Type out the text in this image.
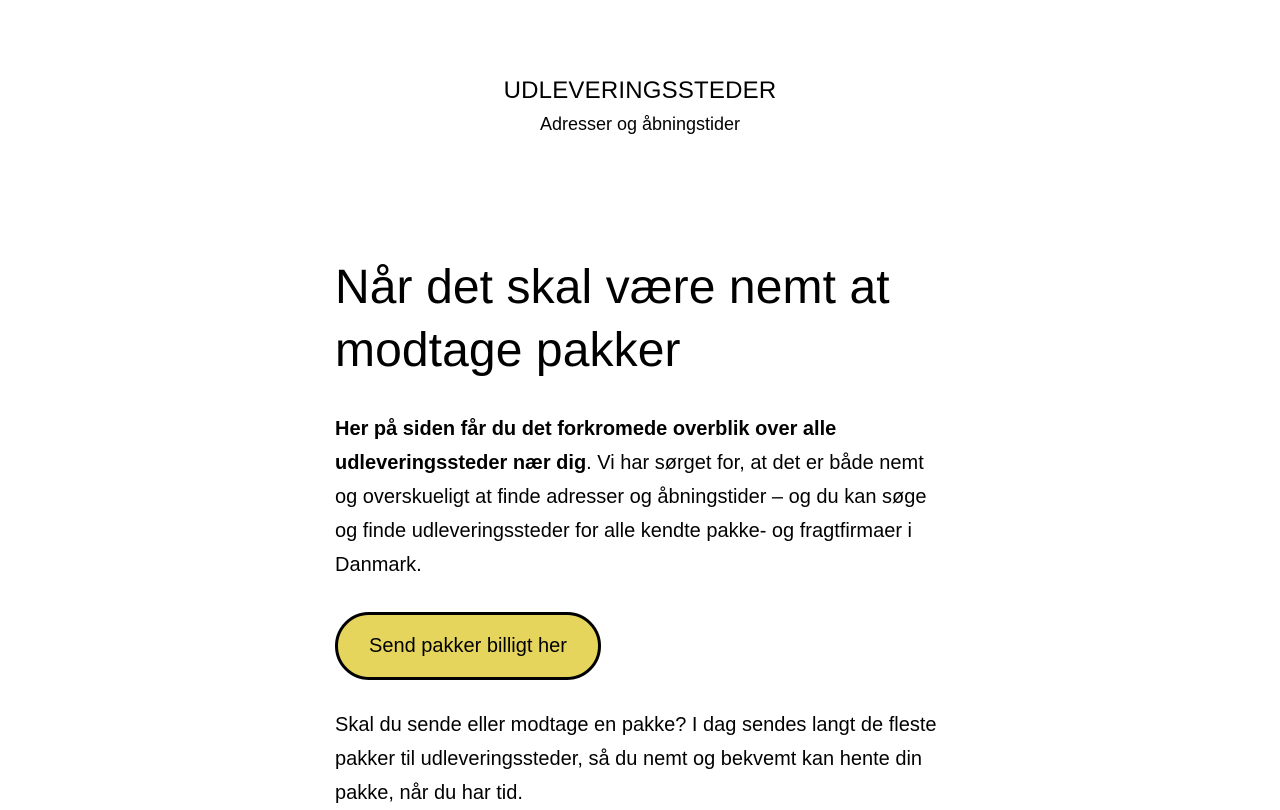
UDLEVERINGSSTEDER

Adresser og åbningstider

Når det skal være nemt at modtage pakker

Her på siden får du det forkromede overblik over alle udleveringssteder nær dig. Vi har sørget for, at det er både nemt og overskueligt at finde adresser og åbningstider – og du kan søge og finde udleveringssteder for alle kendte pakke- og fragtfirmaer i Danmark.

Send pakker billigt her

Skal du sende eller modtage en pakke? I dag sendes langt de fleste pakker til udleveringssteder, så du nemt og bekvemt kan hente din pakke, når du har tid.
